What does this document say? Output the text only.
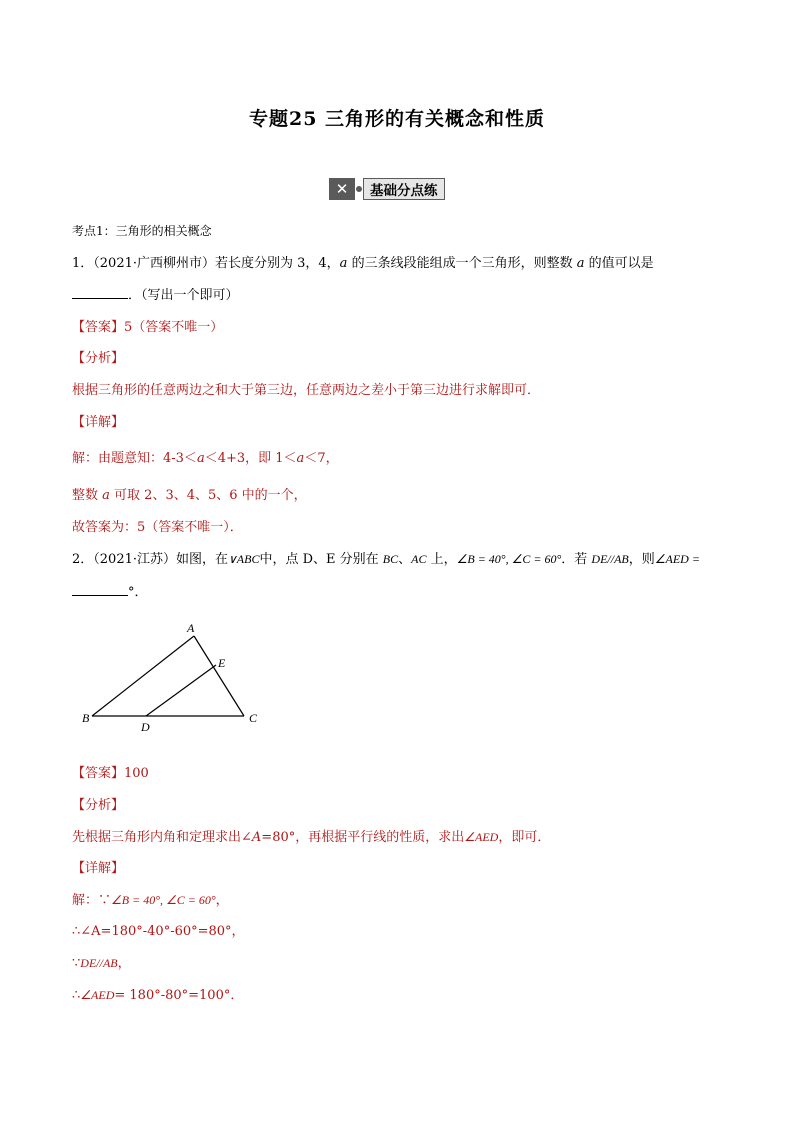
专题25 三角形的有关概念和性质
✕	基础分点练
考点1：三角形的相关概念
1．（2021·广西柳州市）若长度分别为 3，4，a 的三条线段能组成一个三角形，则整数 a 的值可以是
．（写出一个即可）
【答案】5（答案不唯一）
【分析】
根据三角形的任意两边之和大于第三边，任意两边之差小于第三边进行求解即可．
【详解】
解：由题意知：4-3＜a＜4+3，即 1＜a＜7，
整数 a 可取 2、3、4、5、6 中的一个，
故答案为：5（答案不唯一）．
2．（2021·江苏）如图，在∨ABC中，点 D、E 分别在 BC、AC 上，∠B = 40°, ∠C = 60°．若 DE//AB，则∠AED =
°．
A
B	C
D
E
【答案】100
【分析】
先根据三角形内角和定理求出∠A=80°，再根据平行线的性质，求出∠AED，即可．
【详解】
解：∵∠B = 40°, ∠C = 60°，
∴∠A=180°-40°-60°=80°，
∵DE//AB，
∴∠AED= 180°-80°=100°．
